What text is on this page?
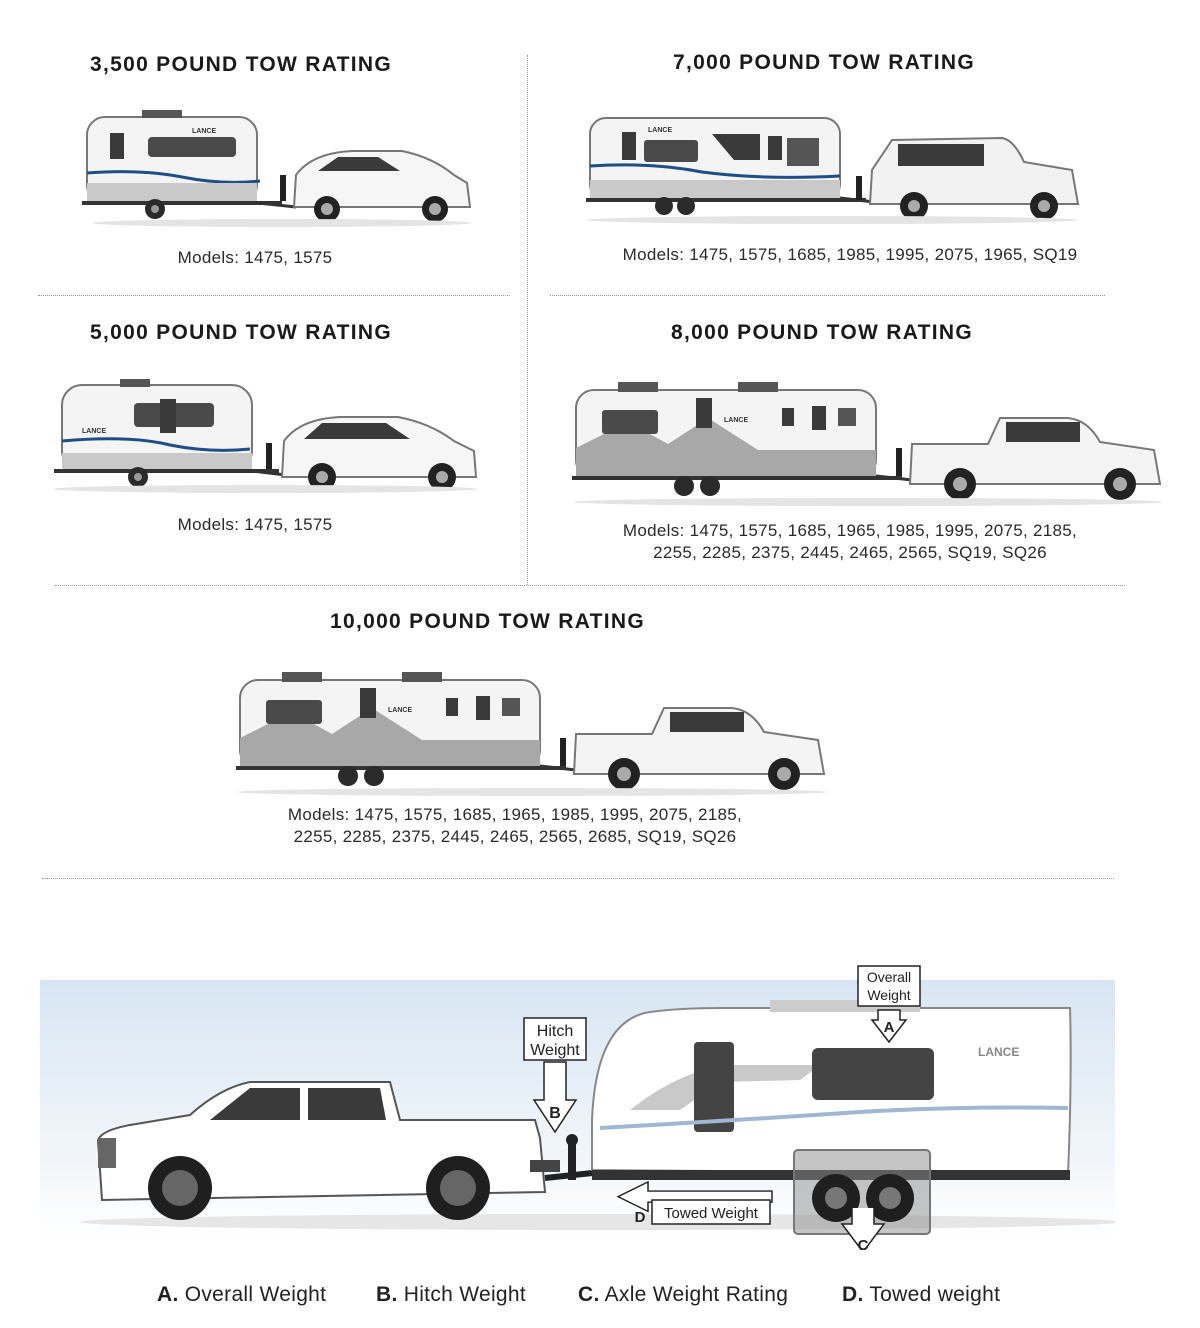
3,500 POUND TOW RATING	7,000 POUND TOW RATING
5,000 POUND TOW RATING	8,000 POUND TOW RATING
10,000 POUND TOW RATING
Models: 1475, 1575	Models: 1475, 1575, 1685, 1985, 1995, 2075, 1965, SQ19
Models: 1475, 1575	Models: 1475, 1575, 1685, 1965, 1985, 1995, 2075, 2185,
2255, 2285, 2375, 2445, 2465, 2565, SQ19, SQ26
Models: 1475, 1575, 1685, 1965, 1985, 1995, 2075, 2185,
2255, 2285, 2375, 2445, 2465, 2565, 2685, SQ19, SQ26
LANCE	LANCE
LANCE
LANCE
LANCE
LANCE
Overall
Weight
A
Hitch
Weight
B
C
D Towed Weight
A. Overall Weight B. Hitch Weight C. Axle Weight Rating	D. Towed weight
